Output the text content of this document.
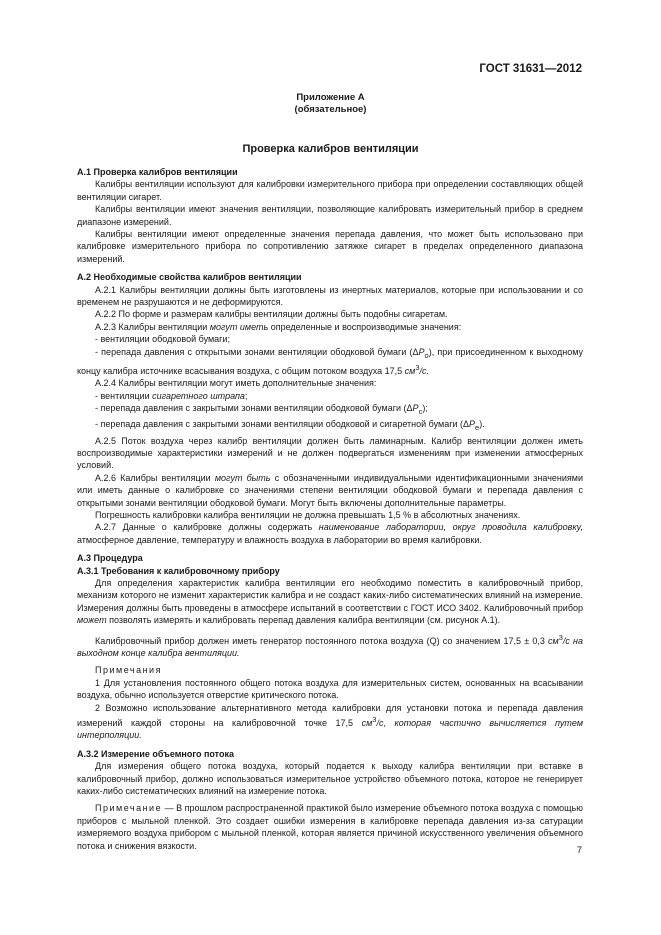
ГОСТ 31631—2012
Приложение А
(обязательное)
Проверка калибров вентиляции

А.1 Проверка калибров вентиляции

Калибры вентиляции используют для калибровки измерительного прибора при определении составляющих общей вентиляции сигарет.

Калибры вентиляции имеют значения вентиляции, позволяющие калибровать измерительный прибор в среднем диапазоне измерений.

Калибры вентиляции имеют определенные значения перепада давления, что может быть использовано при калибровке измерительного прибора по сопротивлению затяжке сигарет в пределах определенного диапазона измерений.

А.2 Необходимые свойства калибров вентиляции

А.2.1 Калибры вентиляции должны быть изготовлены из инертных материалов, которые при использовании и со временем не разрушаются и не деформируются.

А.2.2 По форме и размерам калибры вентиляции должны быть подобны сигаретам.

А.2.3 Калибры вентиляции могут иметь определенные и воспроизводимые значения:

- вентиляции ободковой бумаги;

- перепада давления с открытыми зонами вентиляции ободковой бумаги $(\Delta P_o)$, при присоединенном к выходному концу калибра источнике всасывания воздуха, с общим потоком воздуха 17,5 $см^3/с$.

А.2.4 Калибры вентиляции могут иметь дополнительные значения:

- вентиляции сигаретного штрапа;

- перепада давления с закрытыми зонами вентиляции ободковой бумаги $(\Delta P_c)$;

- перепада давления с закрытыми зонами вентиляции ободковой и сигаретной бумаги $(\Delta P_e)$.

А.2.5 Поток воздуха через калибр вентиляции должен быть ламинарным. Калибр вентиляции должен иметь воспроизводимые характеристики измерений и не должен подвергаться изменениям при изменении атмосферных условий.

А.2.6 Калибры вентиляции могут быть с обозначенными индивидуальными идентификационными значениями или иметь данные о калибровке со значениями степени вентиляции ободковой бумаги и перепада давления с открытыми зонами вентиляции ободковой бумаги. Могут быть включены дополнительные параметры.

Погрешность калибровки калибра вентиляции не должна превышать 1,5 % в абсолютных значениях.

А.2.7 Данные о калибровке должны содержать наименование лаборатории, округ проводила калибровку, атмосферное давление, температуру и влажность воздуха в лаборатории во время калибровки.

А.3 Процедура

А.3.1 Требования к калибровочному прибору

Для определения характеристик калибра вентиляции его необходимо поместить в калибровочный прибор, механизм которого не изменит характеристик калибра и не создаст каких-либо систематических влияний на измерение. Измерения должны быть проведены в атмосфере испытаний в соответствии с ГОСТ ИСО 3402. Калибровочный прибор может позволять измерять и калибровать перепад давления калибра вентиляции (см. рисунок А.1).

Калибровочный прибор должен иметь генератор постоянного потока воздуха (Q) со значением 17,5 ± 0,3 $см^3/с$ на выходном конце калибра вентиляции.

Примечания

1 Для установления постоянного общего потока воздуха для измерительных систем, основанных на всасывании воздуха, обычно используется отверстие критического потока.

2 Возможно использование альтернативного метода калибровки для установки потока и перепада давления измерений каждой стороны на калибровочной точке 17,5 $см^3/с$, которая частично вычисляется путем интерполяции.

А.3.2 Измерение объемного потока

Для измерения общего потока воздуха, который подается к выходу калибра вентиляции при вставке в калибровочный прибор, должно использоваться измерительное устройство объемного потока, которое не генерирует каких-либо систематических влияний на измерение потока.

Примечание — В прошлом распространенной практикой было измерение объемного потока воздуха с помощью приборов с мыльной пленкой. Это создает ошибки измерения в калибровке перепада давления из-за сатурации измеряемого воздуха прибором с мыльной пленкой, которая является причиной искусственного увеличения объемного потока и снижения вязкости.	7
